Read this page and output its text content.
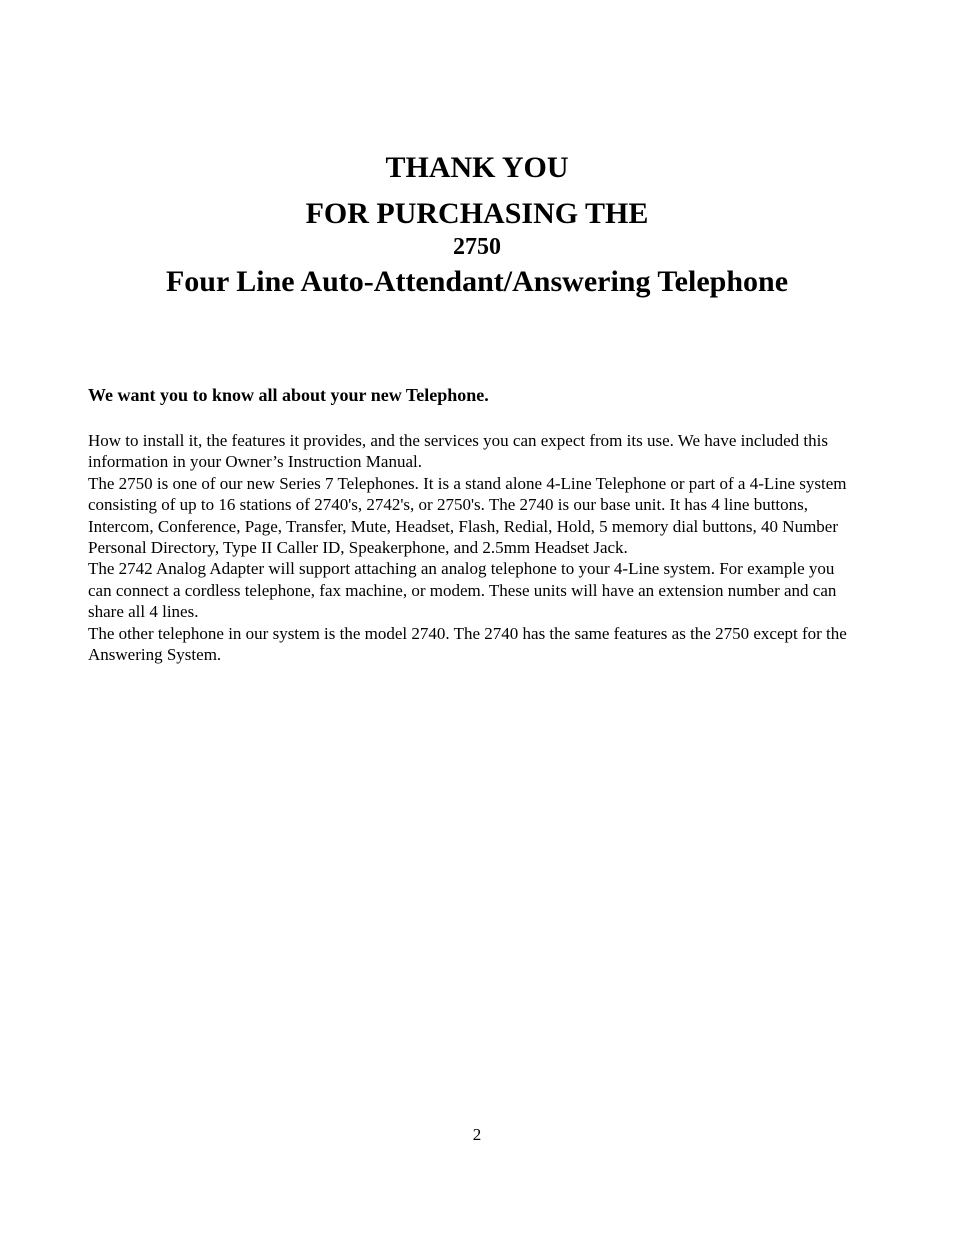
THANK YOU
FOR PURCHASING THE
2750
Four Line Auto-Attendant/Answering Telephone
We want you to know all about your new Telephone.

How to install it, the features it provides, and the services you can expect from its use. We have included this information in your Owner’s Instruction Manual.

The 2750 is one of our new Series 7 Telephones. It is a stand alone 4-Line Telephone or part of a 4-Line system consisting of up to 16 stations of 2740's, 2742's, or 2750's. The 2740 is our base unit. It has 4 line buttons, Intercom, Conference, Page, Transfer, Mute, Headset, Flash, Redial, Hold, 5 memory dial buttons, 40 Number Personal Directory, Type II Caller ID, Speakerphone, and 2.5mm Headset Jack.

The 2742 Analog Adapter will support attaching an analog telephone to your 4-Line system. For example you can connect a cordless telephone, fax machine, or modem. These units will have an extension number and can share all 4 lines.

The other telephone in our system is the model 2740. The 2740 has the same features as the 2750 except for the Answering System.

2
